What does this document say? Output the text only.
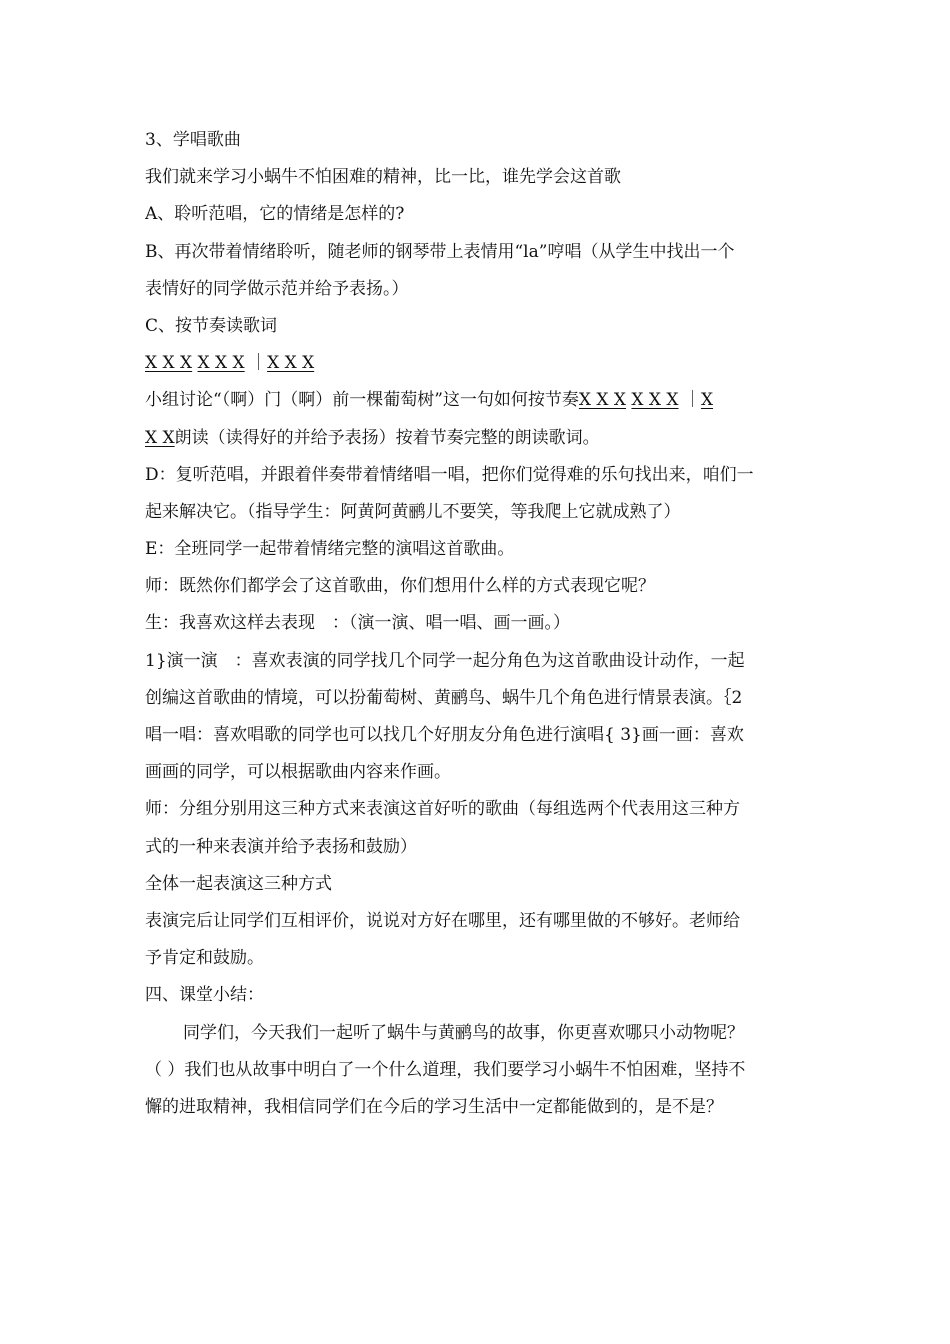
3、学唱歌曲
我们就来学习小蜗牛不怕困难的精神，比一比，谁先学会这首歌
A、聆听范唱，它的情绪是怎样的?
B、再次带着情绪聆听，随老师的钢琴带上表情用“la”哼唱（从学生中找出一个
表情好的同学做示范并给予表扬。）
C、按节奏读歌词
X X X X X X ｜X X X
小组讨论“（啊）门（啊）前一棵葡萄树”这一句如何按节奏X X X X X X ｜X
X X朗读（读得好的并给予表扬）按着节奏完整的朗读歌词。
D：复听范唱，并跟着伴奏带着情绪唱一唱，把你们觉得难的乐句找出来，咱们一
起来解决它。（指导学生：阿黄阿黄鹂儿不要笑，等我爬上它就成熟了）
E：全班同学一起带着情绪完整的演唱这首歌曲。
师：既然你们都学会了这首歌曲，你们想用什么样的方式表现它呢？
生：我喜欢这样去表现　：（演一演、唱一唱、画一画。）
1}演一演　：喜欢表演的同学找几个同学一起分角色为这首歌曲设计动作，一起
创编这首歌曲的情境，可以扮葡萄树、黄鹂鸟、蜗牛几个角色进行情景表演。｛2
唱一唱：喜欢唱歌的同学也可以找几个好朋友分角色进行演唱{ 3}画一画：喜欢
画画的同学，可以根据歌曲内容来作画。
师：分组分别用这三种方式来表演这首好听的歌曲（每组选两个代表用这三种方
式的一种来表演并给予表扬和鼓励）
全体一起表演这三种方式
表演完后让同学们互相评价，说说对方好在哪里，还有哪里做的不够好。老师给
予肯定和鼓励。
四、课堂小结：
同学们，今天我们一起听了蜗牛与黄鹂鸟的故事，你更喜欢哪只小动物呢？
（ ）我们也从故事中明白了一个什么道理，我们要学习小蜗牛不怕困难，坚持不
懈的进取精神，我相信同学们在今后的学习生活中一定都能做到的，是不是？
